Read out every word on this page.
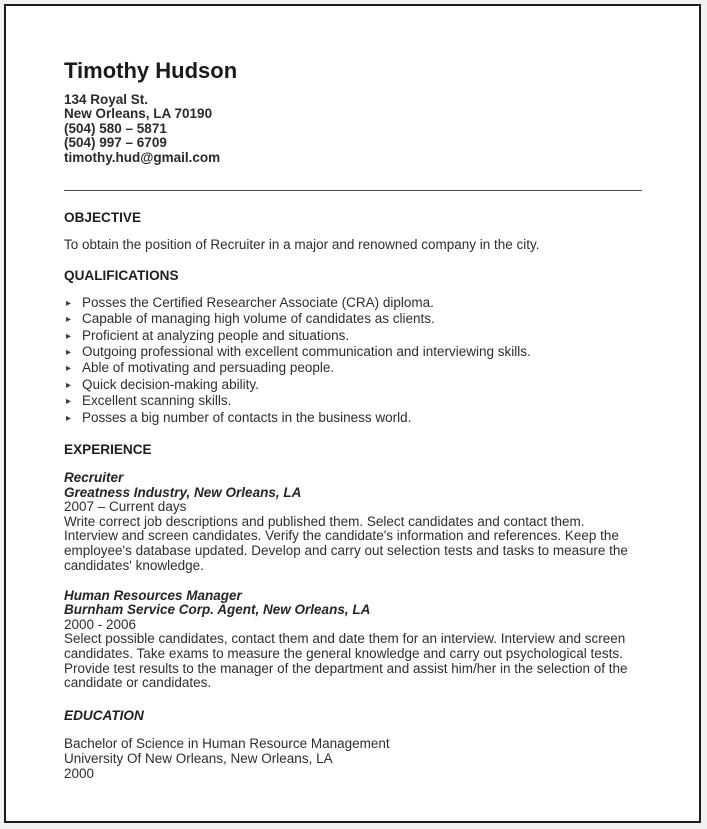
Timothy Hudson
134 Royal St.
New Orleans, LA 70190
(504) 580 – 5871
(504) 997 – 6709
timothy.hud@gmail.com
OBJECTIVE

To obtain the position of Recruiter in a major and renowned company in the city.

QUALIFICATIONS
▸ Posses the Certified Researcher Associate (CRA) diploma.
▸ Capable of managing high volume of candidates as clients.
▸ Proficient at analyzing people and situations.
▸ Outgoing professional with excellent communication and interviewing skills.
▸ Able of motivating and persuading people.
▸ Quick decision-making ability.
▸ Excellent scanning skills.
▸ Posses a big number of contacts in the business world.
EXPERIENCE
Recruiter
Greatness Industry, New Orleans, LA
2007 – Current days

Write correct job descriptions and published them. Select candidates and contact them. Interview and screen candidates. Verify the candidate's information and references. Keep the employee's database updated. Develop and carry out selection tests and tasks to measure the candidates' knowledge.

Human Resources Manager
Burnham Service Corp. Agent, New Orleans, LA
2000 - 2006

Select possible candidates, contact them and date them for an interview. Interview and screen candidates. Take exams to measure the general knowledge and carry out psychological tests. Provide test results to the manager of the department and assist him/her in the selection of the candidate or candidates.

EDUCATION
Bachelor of Science in Human Resource Management
University Of New Orleans, New Orleans, LA
2000
